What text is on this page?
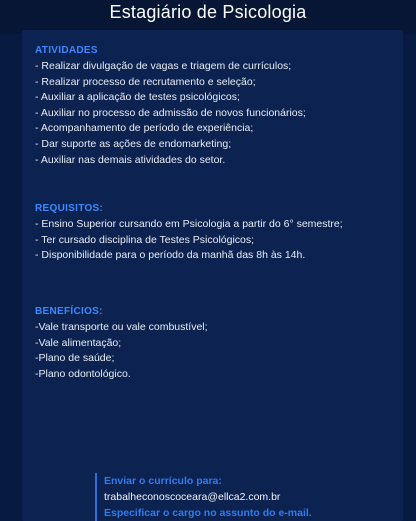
Estagiário de Psicologia
ATIVIDADES
- Realizar divulgação de vagas e triagem de currículos;
- Realizar processo de recrutamento e seleção;
- Auxiliar a aplicação de testes psicológicos;
- Auxiliar no processo de admissão de novos funcionários;
- Acompanhamento de período de experiência;
- Dar suporte as ações de endomarketing;
- Auxiliar nas demais atividades do setor.
REQUISITOS:
- Ensino Superior cursando em Psicologia a partir do 6° semestre;
- Ter cursado disciplina de Testes Psicológicos;
- Disponibilidade para o período da manhã das 8h às 14h.
BENEFÍCIOS:
-Vale transporte ou vale combustível;
-Vale alimentação;
-Plano de saúde;
-Plano odontológico.
Enviar o currículo para:
trabalheconoscoceara@ellca2.com.br
Especificar o cargo no assunto do e-mail.
